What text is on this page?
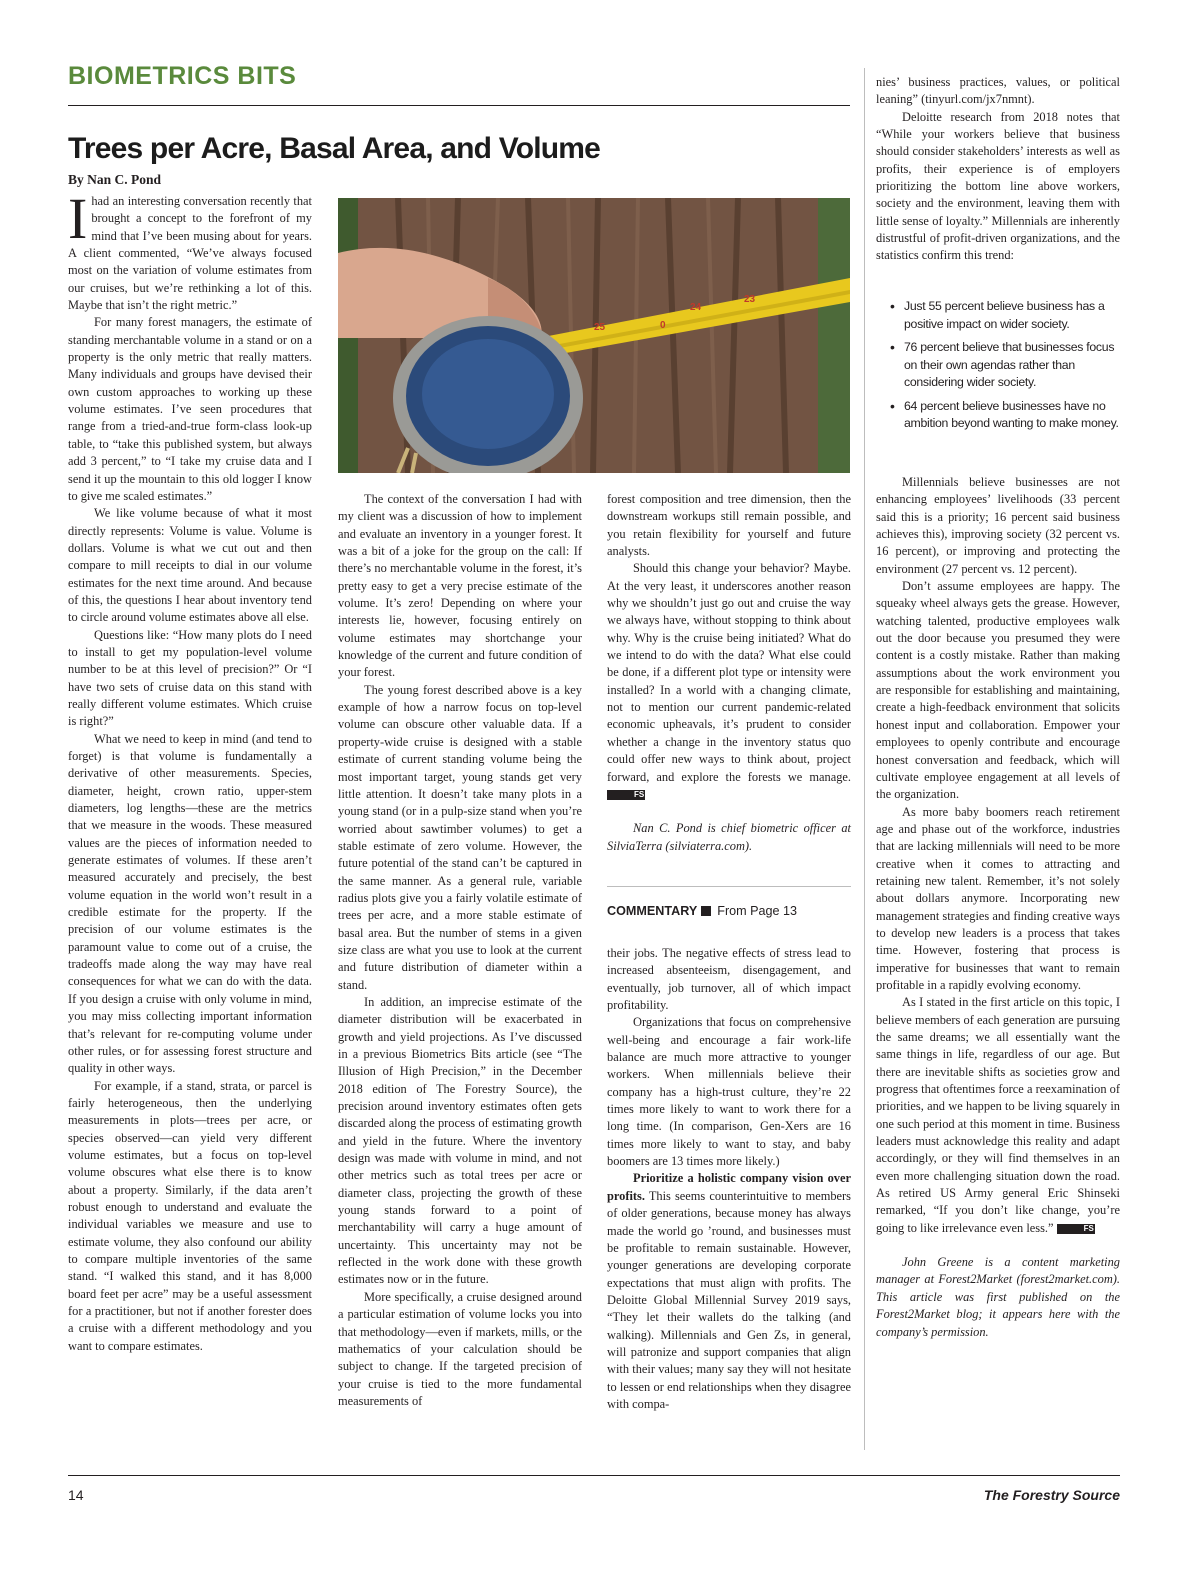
BIOMETRICS BITS
Trees per Acre, Basal Area, and Volume
By Nan C. Pond
25
24
23
0

Ihad an interesting conversation recently that brought a concept to the forefront of my mind that I’ve been musing about for years. A client commented, “We’ve always focused most on the variation of volume estimates from our cruises, but we’re rethinking a lot of this. Maybe that isn’t the right metric.”

For many forest managers, the estimate of standing merchantable volume in a stand or on a property is the only metric that really matters. Many individuals and groups have devised their own custom approaches to working up these volume estimates. I’ve seen procedures that range from a tried-and-true form-class look-up table, to “take this published system, but always add 3 percent,” to “I take my cruise data and I send it up the mountain to this old logger I know to give me scaled estimates.”

We like volume because of what it most directly represents: Volume is value. Volume is dollars. Volume is what we cut out and then compare to mill receipts to dial in our volume estimates for the next time around. And because of this, the questions I hear about inventory tend to circle around volume estimates above all else.

Questions like: “How many plots do I need to install to get my population-level volume number to be at this level of precision?” Or “I have two sets of cruise data on this stand with really different volume estimates. Which cruise is right?”

What we need to keep in mind (and tend to forget) is that volume is fundamentally a derivative of other measurements. Species, diameter, height, crown ratio, upper-stem diameters, log lengths—these are the metrics that we measure in the woods. These measured values are the pieces of information needed to generate estimates of volumes. If these aren’t measured accurately and precisely, the best volume equation in the world won’t result in a credible estimate for the property. If the precision of our volume estimates is the paramount value to come out of a cruise, the tradeoffs made along the way may have real consequences for what we can do with the data. If you design a cruise with only volume in mind, you may miss collecting important information that’s relevant for re-computing volume under other rules, or for assessing forest structure and quality in other ways.

For example, if a stand, strata, or parcel is fairly heterogeneous, then the underlying measurements in plots—trees per acre, or species observed—can yield very different volume estimates, but a focus on top-level volume obscures what else there is to know about a property. Similarly, if the data aren’t robust enough to understand and evaluate the individual variables we measure and use to estimate volume, they also confound our ability to compare multiple inventories of the same stand. “I walked this stand, and it has 8,000 board feet per acre” may be a useful assessment for a practitioner, but not if another forester does a cruise with a different methodology and you want to compare estimates.

The context of the conversation I had with my client was a discussion of how to implement and evaluate an inventory in a younger forest. It was a bit of a joke for the group on the call: If there’s no merchantable volume in the forest, it’s pretty easy to get a very precise estimate of the volume. It’s zero! Depending on where your interests lie, however, focusing entirely on volume estimates may shortchange your knowledge of the current and future condition of your forest.

The young forest described above is a key example of how a narrow focus on top-level volume can obscure other valuable data. If a property-wide cruise is designed with a stable estimate of current standing volume being the most important target, young stands get very little attention. It doesn’t take many plots in a young stand (or in a pulp-size stand when you’re worried about sawtimber volumes) to get a stable estimate of zero volume. However, the future potential of the stand can’t be captured in the same manner. As a general rule, variable radius plots give you a fairly volatile estimate of trees per acre, and a more stable estimate of basal area. But the number of stems in a given size class are what you use to look at the current and future distribution of diameter within a stand.

In addition, an imprecise estimate of the diameter distribution will be exacerbated in growth and yield projections. As I’ve discussed in a previous Biometrics Bits article (see “The Illusion of High Precision,” in the December 2018 edition of The Forestry Source), the precision around inventory estimates often gets discarded along the process of estimating growth and yield in the future. Where the inventory design was made with volume in mind, and not other metrics such as total trees per acre or diameter class, projecting the growth of these young stands forward to a point of merchantability will carry a huge amount of uncertainty. This uncertainty may not be reflected in the work done with these growth estimates now or in the future.

More specifically, a cruise designed around a particular estimation of volume locks you into that methodology—even if markets, mills, or the mathematics of your calculation should be subject to change. If the targeted precision of your cruise is tied to the more fundamental measurements of

forest composition and tree dimension, then the downstream workups still remain possible, and you retain flexibility for yourself and future analysts.

Should this change your behavior? Maybe. At the very least, it underscores another reason why we shouldn’t just go out and cruise the way we always have, without stopping to think about why. Why is the cruise being initiated? What do we intend to do with the data? What else could be done, if a different plot type or intensity were installed? In a world with a changing climate, not to mention our current pandemic-related economic upheavals, it’s prudent to consider whether a change in the inventory status quo could offer new ways to think about, project forward, and explore the forests we manage. FS

Nan C. Pond is chief biometric officer at SilviaTerra (silviaterra.com).

COMMENTARY From Page 13

their jobs. The negative effects of stress lead to increased absenteeism, disengagement, and eventually, job turnover, all of which impact profitability.

Organizations that focus on comprehensive well-being and encourage a fair work-life balance are much more attractive to younger workers. When millennials believe their company has a high-trust culture, they’re 22 times more likely to want to work there for a long time. (In comparison, Gen-Xers are 16 times more likely to want to stay, and baby boomers are 13 times more likely.)

Prioritize a holistic company vision over profits. This seems counterintuitive to members of older generations, because money has always made the world go ’round, and businesses must be profitable to remain sustainable. However, younger generations are developing corporate expectations that must align with profits. The Deloitte Global Millennial Survey 2019 says, “They let their wallets do the talking (and walking). Millennials and Gen Zs, in general, will patronize and support companies that align with their values; many say they will not hesitate to lessen or end relationships when they disagree with compa-

nies’ business practices, values, or political leaning” (tinyurl.com/jx7nmnt).

Deloitte research from 2018 notes that “While your workers believe that business should consider stakeholders’ interests as well as profits, their experience is of employers prioritizing the bottom line above workers, society and the environment, leaving them with little sense of loyalty.” Millennials are inherently distrustful of profit-driven organizations, and the statistics confirm this trend:

• Just 55 percent believe business has a positive impact on wider society.
• 76 percent believe that businesses focus on their own agendas rather than considering wider society.
• 64 percent believe businesses have no ambition beyond wanting to make money.

Millennials believe businesses are not enhancing employees’ livelihoods (33 percent said this is a priority; 16 percent said business achieves this), improving society (32 percent vs. 16 percent), or improving and protecting the environment (27 percent vs. 12 percent).

Don’t assume employees are happy. The squeaky wheel always gets the grease. However, watching talented, productive employees walk out the door because you presumed they were content is a costly mistake. Rather than making assumptions about the work environment you are responsible for establishing and maintaining, create a high-feedback environment that solicits honest input and collaboration. Empower your employees to openly contribute and encourage honest conversation and feedback, which will cultivate employee engagement at all levels of the organization.

As more baby boomers reach retirement age and phase out of the workforce, industries that are lacking millennials will need to be more creative when it comes to attracting and retaining new talent. Remember, it’s not solely about dollars anymore. Incorporating new management strategies and finding creative ways to develop new leaders is a process that takes time. However, fostering that process is imperative for businesses that want to remain profitable in a rapidly evolving economy.

As I stated in the first article on this topic, I believe members of each generation are pursuing the same dreams; we all essentially want the same things in life, regardless of our age. But there are inevitable shifts as societies grow and progress that oftentimes force a reexamination of priorities, and we happen to be living squarely in one such period at this moment in time. Business leaders must acknowledge this reality and adapt accordingly, or they will find themselves in an even more challenging situation down the road. As retired US Army general Eric Shinseki remarked, “If you don’t like change, you’re going to like irrelevance even less.”	FS

John Greene is a content marketing manager at Forest2Market (forest2market.com). This article was first published on the Forest2Market blog; it appears here with the company’s permission.

14	The Forestry Source
